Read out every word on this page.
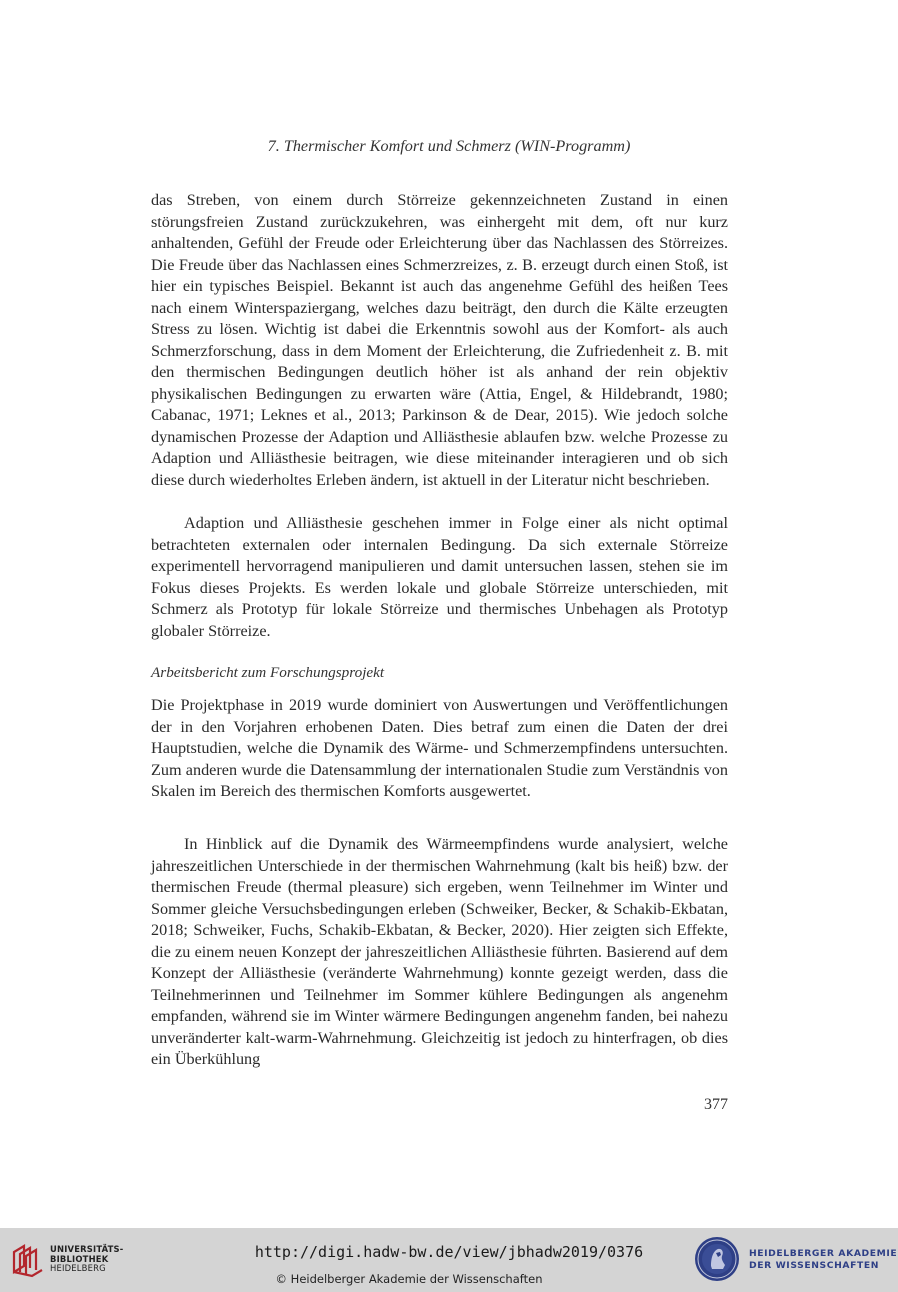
7. Thermischer Komfort und Schmerz (WIN-Programm)

das Streben, von einem durch Störreize gekennzeichneten Zustand in einen störungsfreien Zustand zurückzukehren, was einhergeht mit dem, oft nur kurz anhaltenden, Gefühl der Freude oder Erleichterung über das Nachlassen des Störreizes. Die Freude über das Nachlassen eines Schmerzreizes, z. B. erzeugt durch einen Stoß, ist hier ein typisches Beispiel. Bekannt ist auch das angenehme Gefühl des heißen Tees nach einem Winterspaziergang, welches dazu beiträgt, den durch die Kälte erzeugten Stress zu lösen. Wichtig ist dabei die Erkenntnis sowohl aus der Komfort- als auch Schmerzforschung, dass in dem Moment der Erleichterung, die Zufriedenheit z. B. mit den thermischen Bedingungen deutlich höher ist als anhand der rein objektiv physikalischen Bedingungen zu erwarten wäre (Attia, Engel, & Hildebrandt, 1980; Cabanac, 1971; Leknes et al., 2013; Parkinson & de Dear, 2015). Wie jedoch solche dynamischen Prozesse der Adaption und Alliästhesie ablaufen bzw. welche Prozesse zu Adaption und Alliästhesie beitragen, wie diese miteinander interagieren und ob sich diese durch wiederholtes Erleben ändern, ist aktuell in der Literatur nicht beschrieben.

Adaption und Alliästhesie geschehen immer in Folge einer als nicht optimal betrachteten externalen oder internalen Bedingung. Da sich externale Störreize experimentell hervorragend manipulieren und damit untersuchen lassen, stehen sie im Fokus dieses Projekts. Es werden lokale und globale Störreize unterschieden, mit Schmerz als Prototyp für lokale Störreize und thermisches Unbehagen als Prototyp globaler Störreize.

Arbeitsbericht zum Forschungsprojekt

Die Projektphase in 2019 wurde dominiert von Auswertungen und Veröffentlichungen der in den Vorjahren erhobenen Daten. Dies betraf zum einen die Daten der drei Hauptstudien, welche die Dynamik des Wärme- und Schmerzempfindens untersuchten. Zum anderen wurde die Datensammlung der internationalen Studie zum Verständnis von Skalen im Bereich des thermischen Komforts ausgewertet.

In Hinblick auf die Dynamik des Wärmeempfindens wurde analysiert, welche jahreszeitlichen Unterschiede in der thermischen Wahrnehmung (kalt bis heiß) bzw. der thermischen Freude (thermal pleasure) sich ergeben, wenn Teilnehmer im Winter und Sommer gleiche Versuchsbedingungen erleben (Schweiker, Becker, & Schakib-Ekbatan, 2018; Schweiker, Fuchs, Schakib-Ekbatan, & Becker, 2020). Hier zeigten sich Effekte, die zu einem neuen Konzept der jahreszeitlichen Alliästhesie führten. Basierend auf dem Konzept der Alliästhesie (veränderte Wahrnehmung) konnte gezeigt werden, dass die Teilnehmerinnen und Teilnehmer im Sommer kühlere Bedingungen als angenehm empfanden, während sie im Winter wärmere Bedingungen angenehm fanden, bei nahezu unveränderter kalt-warm-Wahrnehmung. Gleichzeitig ist jedoch zu hinterfragen, ob dies ein Überkühlung

377
UNIVERSITÄTS-
BIBLIOTHEK
HEIDELBERG
http://digi.hadw-bw.de/view/jbhadw2019/0376
© Heidelberger Akademie der Wissenschaften
HEIDELBERGER AKADEMIE
DER WISSENSCHAFTEN
